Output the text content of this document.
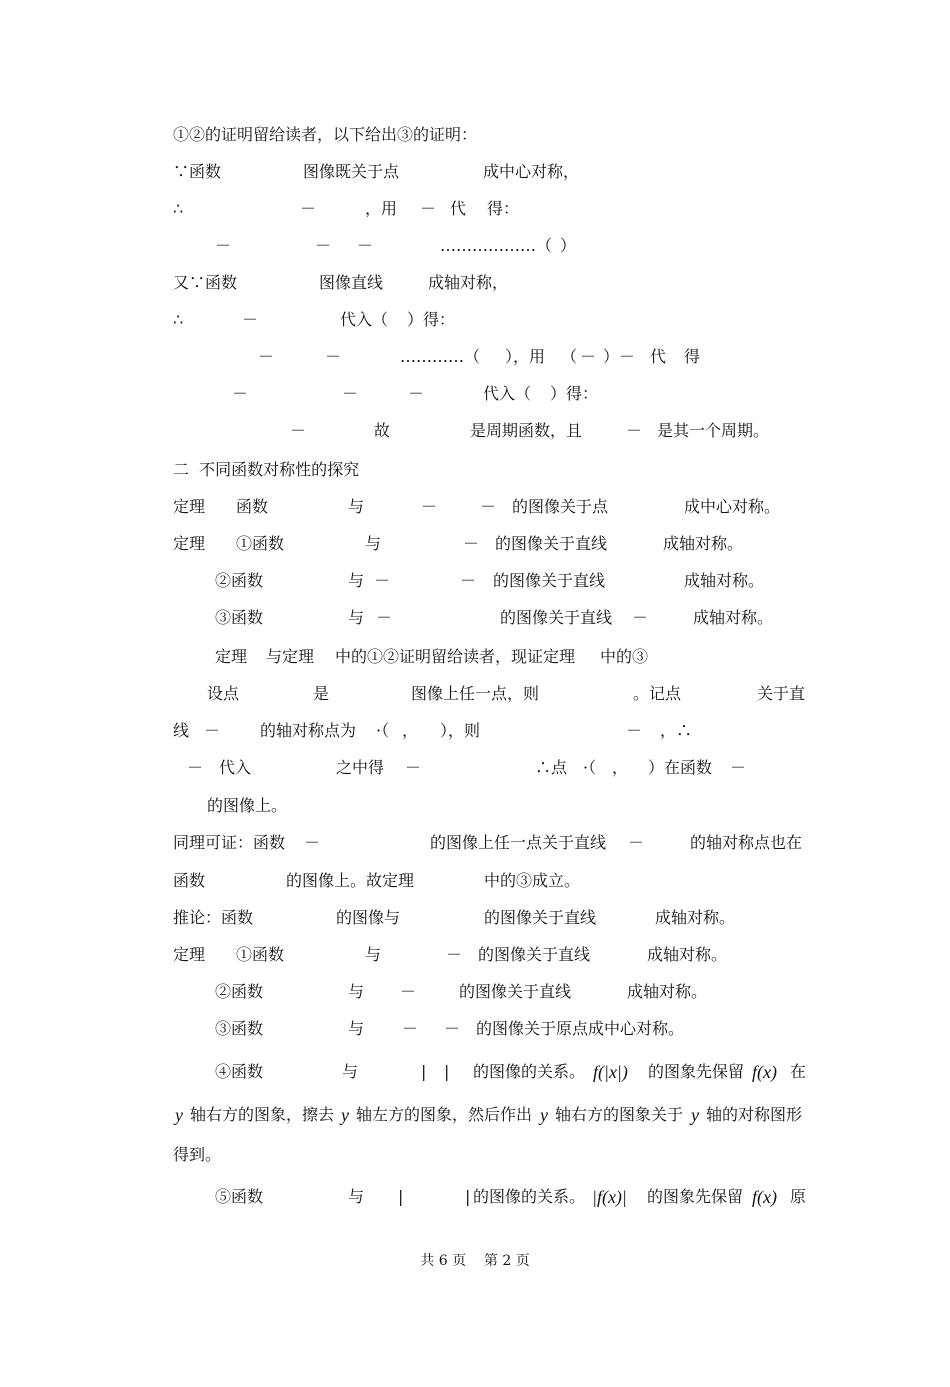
①②的证明留给读者，以下给出③的证明：

∵函数

	图像既关于点

	成中心对称，

∴

	－

	，用

－

代

得：

－

	－

－

	………………（

）

又∵函数

	图像直线

	成轴对称，

∴

	－

	代入（

）得：

－

	－

	…………（

），用

（

－

）－

代

得

－

	－

	－

	代入（

）得：

－

	故

	是周期函数，且

	－

是其一个周期。

二  不同函数对称性的探究

定理

函数

	与

	－

	－

的图像关于点

	成中心对称。

定理

①函数

	与

	－

的图像关于直线

	成轴对称。

②函数

	与

－

	－

的图像关于直线

	成轴对称。

③函数

	与

－

	的图像关于直线

－

	成轴对称。

定理

与定理

中的①②证明留给读者，现证定理

中的③

设点

	是

	图像上任一点，则

	。记点

	关于直

线

－

的轴对称点为

·（

，

），则

	－

，∴

－

代入

	之中得

－

	∴点

·（

，

）在函数

－

的图像上。

同理可证：函数

－

	的图像上任一点关于直线

－

	的轴对称点也在

函数

	的图像上。故定理

	中的③成立。

推论：函数

	的图像与

	的图像关于直线

	成轴对称。

定理

①函数

	与

	－

的图像关于直线

	成轴对称。

②函数

	与

－

	的图像关于直线

	成轴对称。

③函数

	与

－

－

的图像关于原点成中心对称。

④函数

	与

	|

|

的图像的关系。

f(|x|)

的图象先保留

f(x)

在

y

轴右方的图象，擦去

y

轴左方的图象，然后作出

y

轴右方的图象关于

y

轴的对称图形

得到。

⑤函数

	与

|

	|

的图像的关系。

|f(x)|

的图象先保留

f(x)

原

共 6 页    第 2 页
